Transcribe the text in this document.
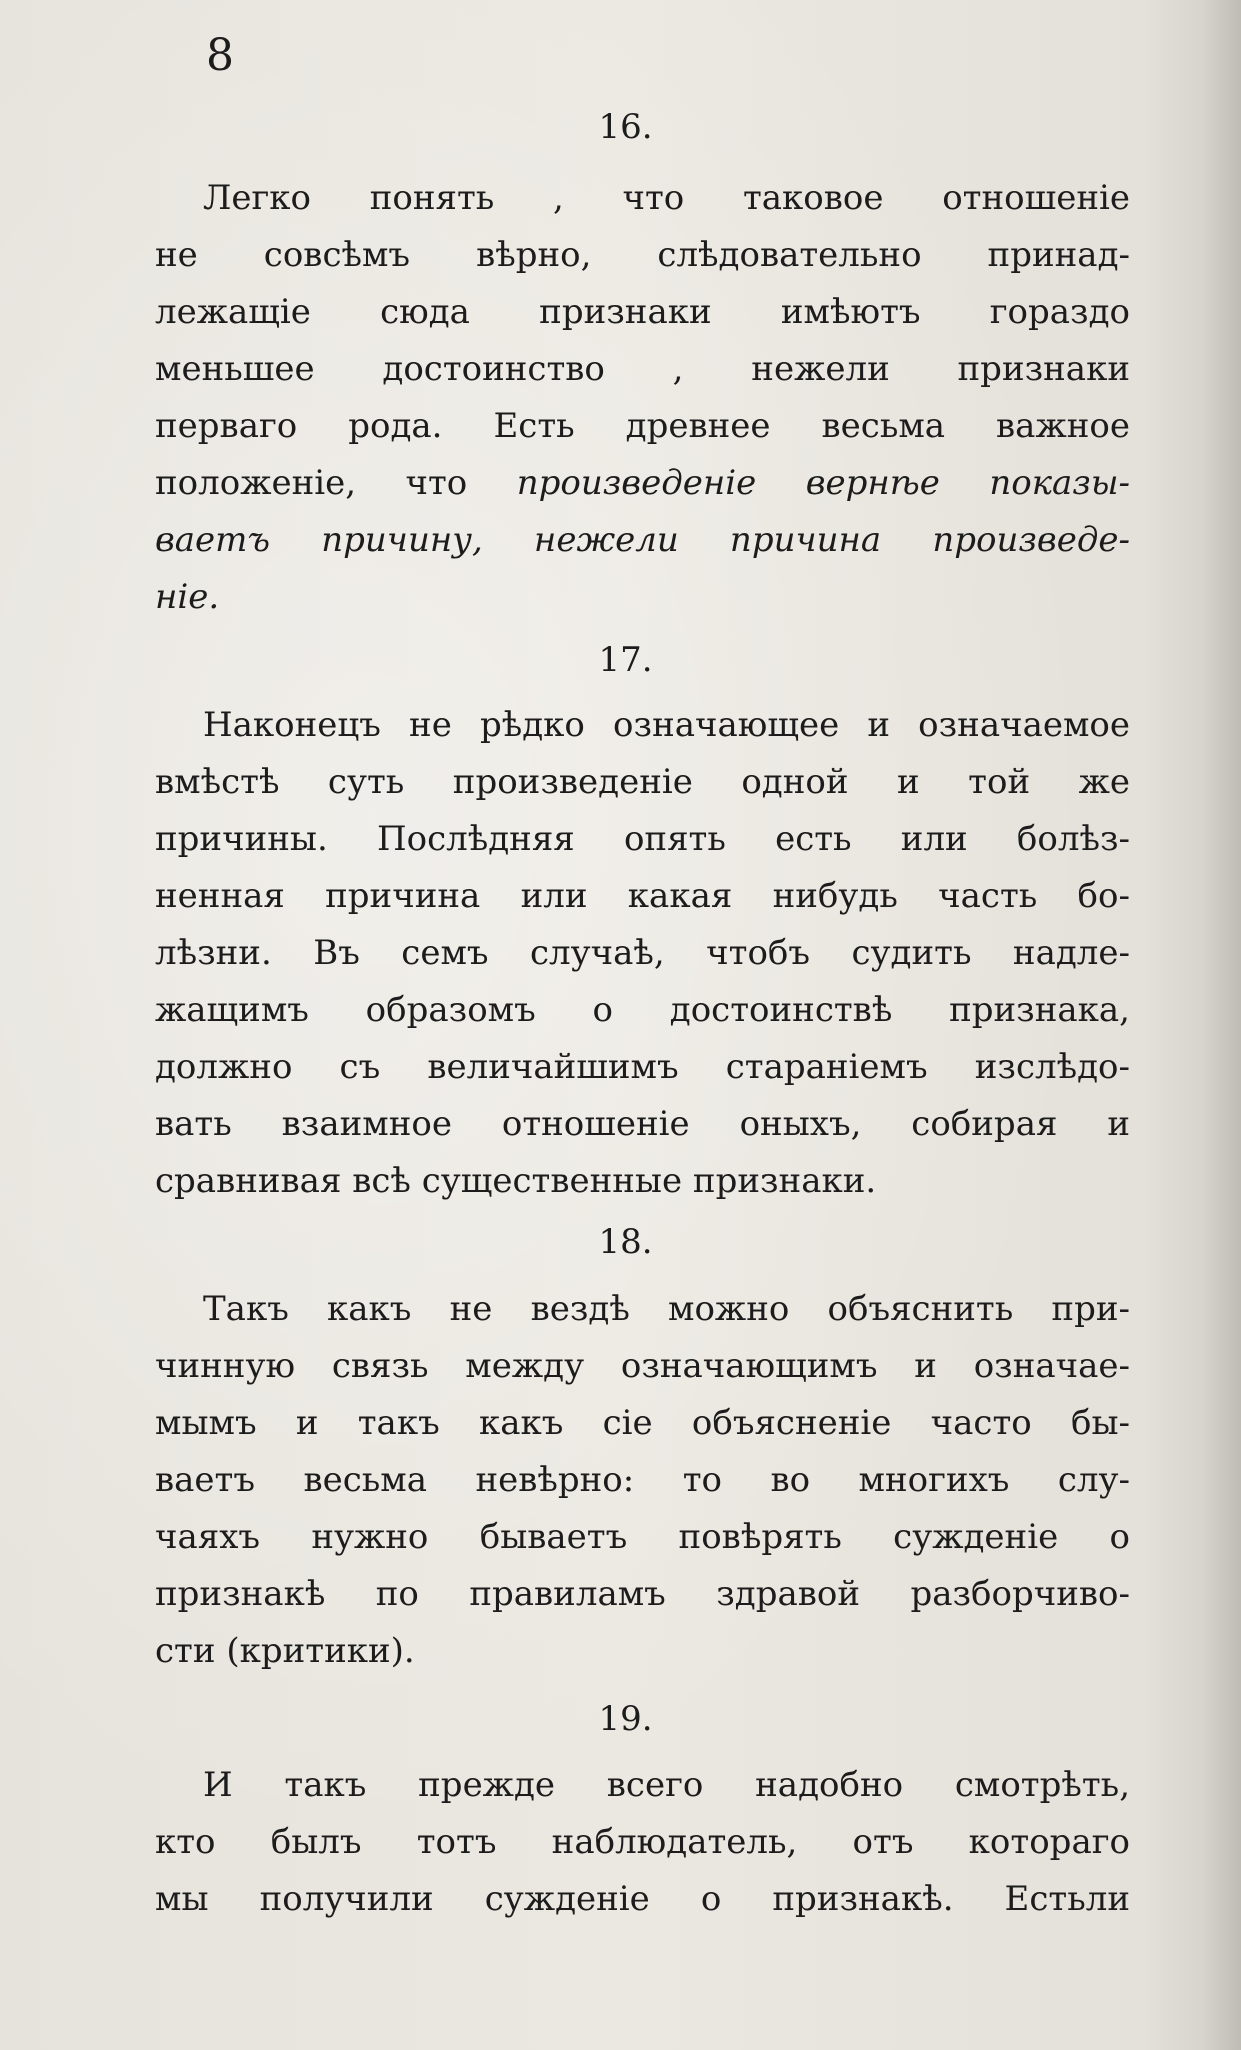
8
16.
Легко понять , что таковое отношенiе
не совсѣмъ вѣрно, слѣдовательно принад-
лежащiе сюда признаки имѣютъ гораздо
меньшее достоинство , нежели признаки
перваго рода. Есть древнее весьма важное
положенiе, что произведенiе вернѣе показы-
ваетъ причину, нежели причина произведе-
нiе.
17.
Наконецъ не рѣдко означающее и означаемое
вмѣстѣ суть произведенiе одной и той же
причины. Послѣдняя опять есть или болѣз-
ненная причина или какая нибудь часть бо-
лѣзни. Въ семъ случаѣ, чтобъ судить надле-
жащимъ образомъ о достоинствѣ признака,
должно съ величайшимъ старанiемъ изслѣдо-
вать взаимное отношенiе оныхъ, собирая и
сравнивая всѣ существенные признаки.
18.
Такъ какъ не вездѣ можно объяснить при-
чинную связь между означающимъ и означае-
мымъ и такъ какъ сiе объясненiе часто бы-
ваетъ весьма невѣрно: то во многихъ слу-
чаяхъ нужно бываетъ повѣрять сужденiе о
признакѣ по правиламъ здравой разборчиво-
сти (критики).
19.
И такъ прежде всего надобно смотрѣть,
кто былъ тотъ наблюдатель, отъ котораго
мы получили сужденiе о признакѣ. Естьли
